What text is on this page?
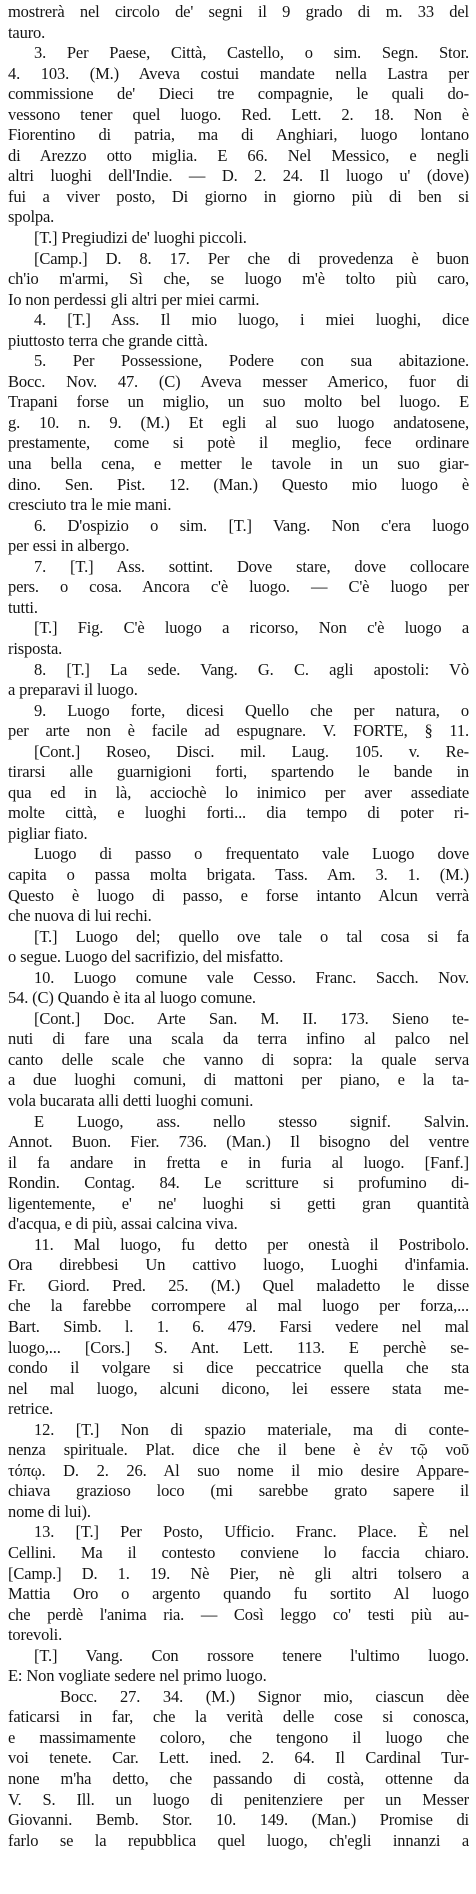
mostrerà nel circolo de' segni il 9 grado di m. 33 del
tauro.
3. Per Paese, Città, Castello, o sim. Segn. Stor.
4. 103. (M.) Aveva costui mandate nella Lastra per
commissione de' Dieci tre compagnie, le quali do-
vessono tener quel luogo. Red. Lett. 2. 18. Non è
Fiorentino di patria, ma di Anghiari, luogo lontano
di Arezzo otto miglia. E 66. Nel Messico, e negli
altri luoghi dell'Indie. — D. 2. 24. Il luogo u' (dove)
fui a viver posto, Di giorno in giorno più di ben si
spolpa.
[T.] Pregiudizi de' luoghi piccoli.
[Camp.] D. 8. 17. Per che di provedenza è buon
ch'io m'armi, Sì che, se luogo m'è tolto più caro,
Io non perdessi gli altri per miei carmi.
4. [T.] Ass. Il mio luogo, i miei luoghi, dice
piuttosto terra che grande città.
5. Per Possessione, Podere con sua abitazione.
Bocc. Nov. 47. (C) Aveva messer Americo, fuor di
Trapani forse un miglio, un suo molto bel luogo. E
g. 10. n. 9. (M.) Et egli al suo luogo andatosene,
prestamente, come si potè il meglio, fece ordinare
una bella cena, e metter le tavole in un suo giar-
dino. Sen. Pist. 12. (Man.) Questo mio luogo è
cresciuto tra le mie mani.
6. D'ospizio o sim. [T.] Vang. Non c'era luogo
per essi in albergo.
7. [T.] Ass. sottint. Dove stare, dove collocare
pers. o cosa. Ancora c'è luogo. — C'è luogo per
tutti.
[T.] Fig. C'è luogo a ricorso, Non c'è luogo a
risposta.
8. [T.] La sede. Vang. G. C. agli apostoli: Vò
a preparavi il luogo.
9. Luogo forte, dicesi Quello che per natura, o
per arte non è facile ad espugnare. V. FORTE, § 11.
[Cont.] Roseo, Disci. mil. Laug. 105. v. Re-
tirarsi alle guarnigioni forti, spartendo le bande in
qua ed in là, acciochè lo inimico per aver assediate
molte città, e luoghi forti... dia tempo di poter ri-
pigliar fiato.
Luogo di passo o frequentato vale Luogo dove
capita o passa molta brigata. Tass. Am. 3. 1. (M.)
Questo è luogo di passo, e forse intanto Alcun verrà
che nuova di lui rechi.
[T.] Luogo del; quello ove tale o tal cosa si fa
o segue. Luogo del sacrifizio, del misfatto.
10. Luogo comune vale Cesso. Franc. Sacch. Nov.
54. (C) Quando è ita al luogo comune.
[Cont.] Doc. Arte San. M. II. 173. Sieno te-
nuti di fare una scala da terra infino al palco nel
canto delle scale che vanno di sopra: la quale serva
a due luoghi comuni, di mattoni per piano, e la ta-
vola bucarata alli detti luoghi comuni.
E Luogo, ass. nello stesso signif. Salvin.
Annot. Buon. Fier. 736. (Man.) Il bisogno del ventre
il fa andare in fretta e in furia al luogo. [Fanf.]
Rondin. Contag. 84. Le scritture si profumino di-
ligentemente, e' ne' luoghi si getti gran quantità
d'acqua, e di più, assai calcina viva.
11. Mal luogo, fu detto per onestà il Postribolo.
Ora direbbesi Un cattivo luogo, Luoghi d'infamia.
Fr. Giord. Pred. 25. (M.) Quel maladetto le disse
che la farebbe corrompere al mal luogo per forza,...
Bart. Simb. l. 1. 6. 479. Farsi vedere nel mal
luogo,... [Cors.] S. Ant. Lett. 113. E perchè se-
condo il volgare si dice peccatrice quella che sta
nel mal luogo, alcuni dicono, lei essere stata me-
retrice.
12. [T.] Non di spazio materiale, ma di conte-
nenza spirituale. Plat. dice che il bene è ἐν τῷ νοῦ
τόπῳ. D. 2. 26. Al suo nome il mio desire Appare-
chiava grazioso loco (mi sarebbe grato sapere il
nome di lui).
13. [T.] Per Posto, Ufficio. Franc. Place. È nel
Cellini. Ma il contesto conviene lo faccia chiaro.
[Camp.] D. 1. 19. Nè Pier, nè gli altri tolsero a
Mattia Oro o argento quando fu sortito Al luogo
che perdè l'anima ria. — Così leggo co' testi più au-
torevoli.
[T.] Vang. Con rossore tenere l'ultimo luogo.
E: Non vogliate sedere nel primo luogo.
Bocc. 27. 34. (M.) Signor mio, ciascun dèe
faticarsi in far, che la verità delle cose si conosca,
e massimamente coloro, che tengono il luogo che
voi tenete. Car. Lett. ined. 2. 64. Il Cardinal Tur-
none m'ha detto, che passando di costà, ottenne da
V. S. Ill. un luogo di penitenziere per un Messer
Giovanni. Bemb. Stor. 10. 149. (Man.) Promise di
farlo se la repubblica quel luogo, ch'egli innanzi a
